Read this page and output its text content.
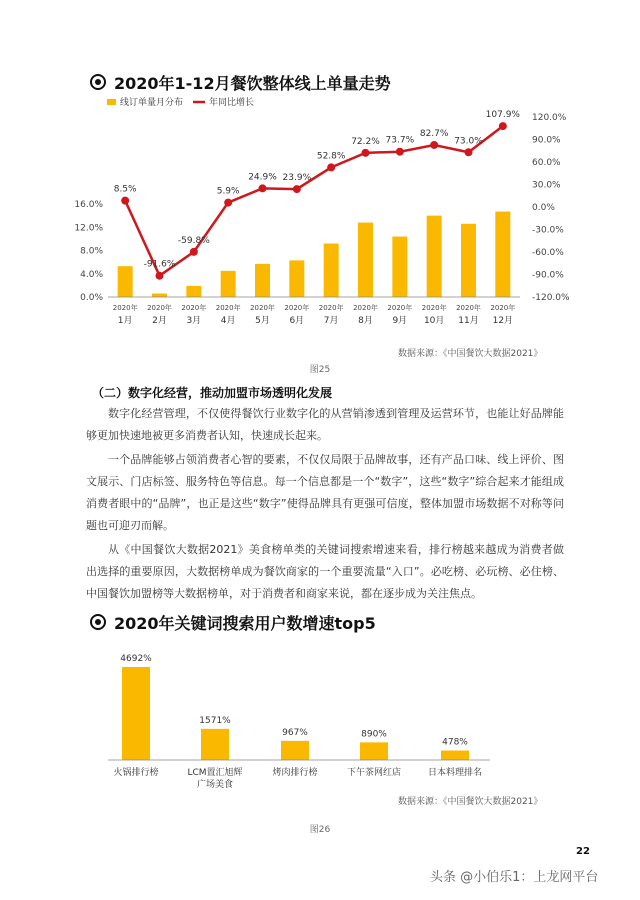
2020年1-12月餐饮整体线上单量走势
线订单量月分布	年同比增长
0.0%
4.0%
8.0%
12.0%
16.0%
-120.0%
-90.0%
-60.0%
-30.0%
0.0%
30.0%
60.0%
90.0%
120.0%
8.5%
-91.6%
-59.8%
5.9%
24.9% 23.9%
52.8%
72.2% 73.7%
82.7%
73.0%
107.9%
2020年
1月
2020年
2月
2020年
3月
2020年
4月
2020年
5月
2020年
6月
2020年
7月
2020年
8月
2020年
9月
2020年
10月
2020年
11月
2020年
12月
数据来源：《中国餐饮大数据2021》
图25
（二）数字化经营，推动加盟市场透明化发展

数字化经营管理，不仅使得餐饮行业数字化的从营销渗透到管理及运营环节，也能让好品牌能够更加快速地被更多消费者认知，快速成长起来。

一个品牌能够占领消费者心智的要素，不仅仅局限于品牌故事，还有产品口味、线上评价、图文展示、门店标签、服务特色等信息。每一个信息都是一个“数字”，这些“数字”综合起来才能组成消费者眼中的“品牌”，也正是这些“数字”使得品牌具有更强可信度，整体加盟市场数据不对称等问题也可迎刃而解。

从《中国餐饮大数据2021》美食榜单类的关键词搜索增速来看，排行榜越来越成为消费者做出选择的重要原因，大数据榜单成为餐饮商家的一个重要流量“入口”。必吃榜、必玩榜、必住榜、中国餐饮加盟榜等大数据榜单，对于消费者和商家来说，都在逐步成为关注焦点。

2020年关键词搜索用户数增速top5
4692%
1571%
967%	890%
478%
火锅排行榜	LCM置汇旭辉
广场美食
烤肉排行榜	下午茶网红店	日本料理排名
数据来源：《中国餐饮大数据2021》
图26
22
头条 @小伯乐1：上龙网平台
